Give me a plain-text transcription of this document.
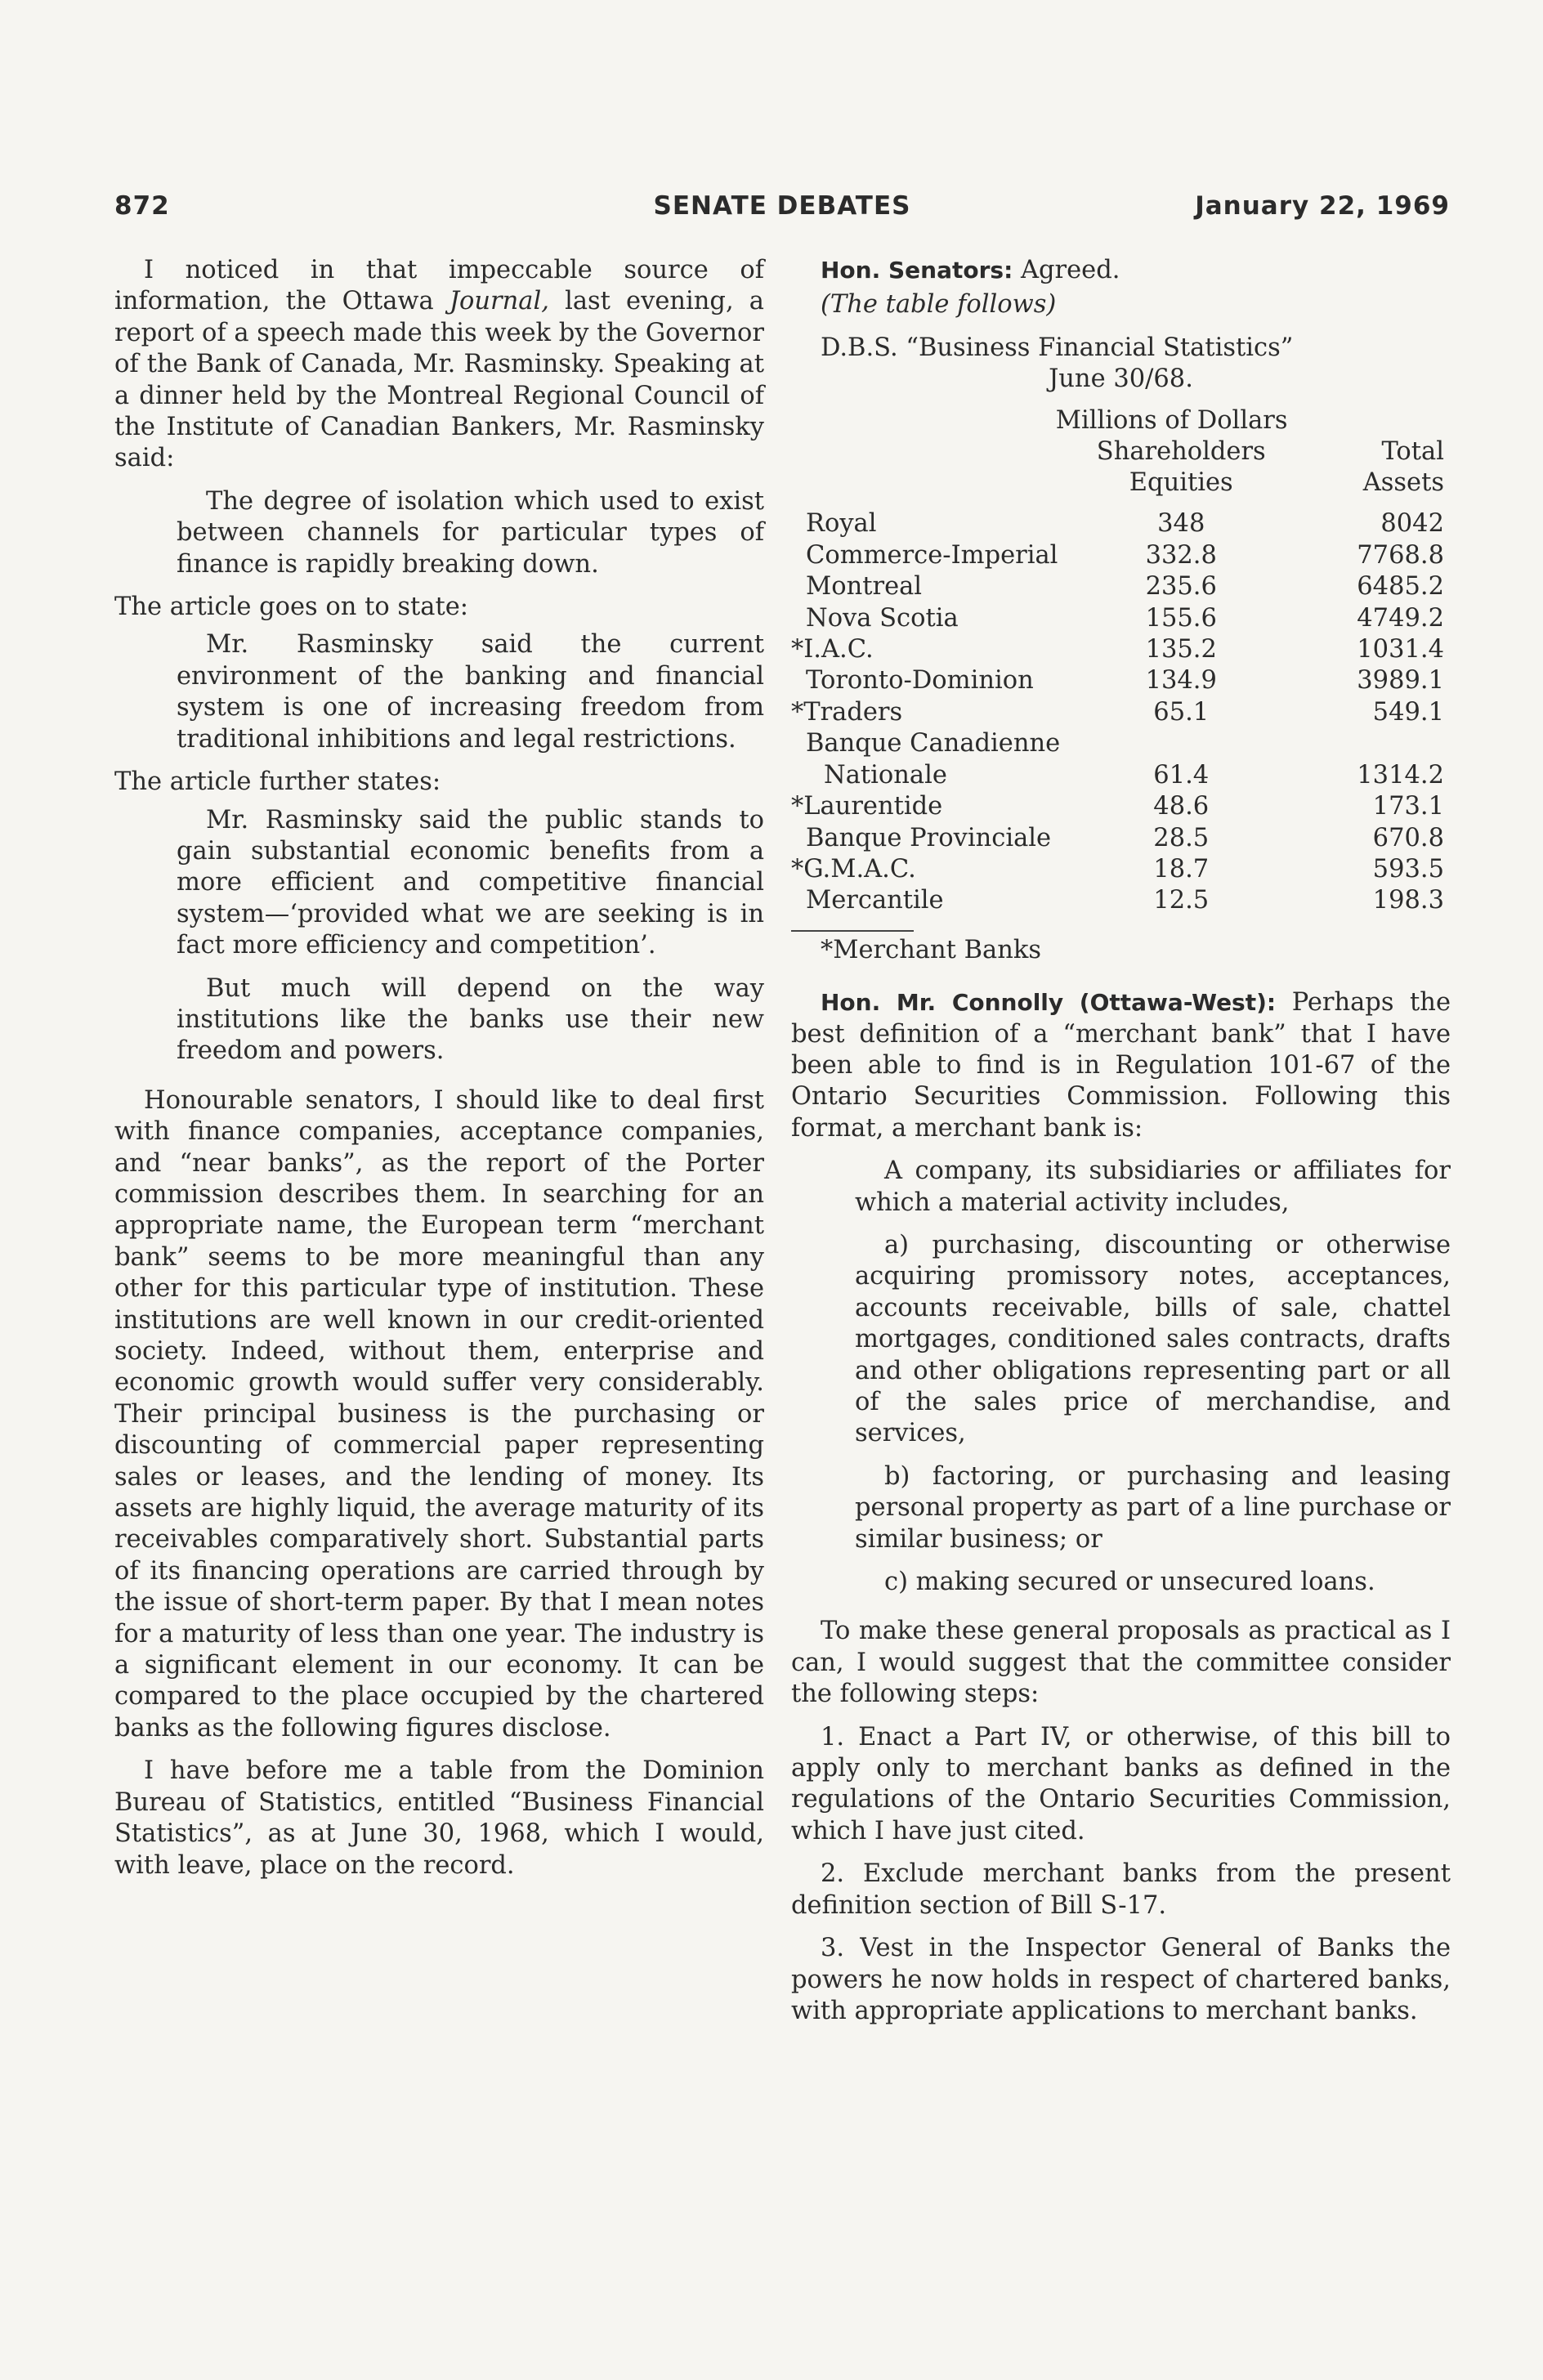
872	SENATE DEBATES	January 22, 1969

I noticed in that impeccable source of information, the Ottawa Journal, last evening, a report of a speech made this week by the Governor of the Bank of Canada, Mr. Rasminsky. Speaking at a dinner held by the Montreal Regional Council of the Institute of Canadian Bankers, Mr. Rasminsky said:

The degree of isolation which used to exist between channels for particular types of finance is rapidly breaking down.

The article goes on to state:

Mr. Rasminsky said the current environment of the banking and financial system is one of increasing freedom from traditional inhibitions and legal restrictions.

The article further states:

Mr. Rasminsky said the public stands to gain substantial economic benefits from a more efficient and competitive financial system—‘provided what we are seeking is in fact more efficiency and competition’.

But much will depend on the way institutions like the banks use their new freedom and powers.

Honourable senators, I should like to deal first with finance companies, acceptance companies, and “near banks”, as the report of the Porter commission describes them. In searching for an appropriate name, the European term “merchant bank” seems to be more meaningful than any other for this particular type of institution. These institutions are well known in our credit-oriented society. Indeed, without them, enterprise and economic growth would suffer very considerably. Their principal business is the purchasing or discounting of commercial paper representing sales or leases, and the lending of money. Its assets are highly liquid, the average maturity of its receivables comparatively short. Substantial parts of its financing operations are carried through by the issue of short-term paper. By that I mean notes for a maturity of less than one year. The industry is a significant element in our economy. It can be compared to the place occupied by the chartered banks as the following figures disclose.

I have before me a table from the Dominion Bureau of Statistics, entitled “Business Financial Statistics”, as at June 30, 1968, which I would, with leave, place on the record.

Hon. Senators: Agreed.

(The table follows)

D.B.S. “Business Financial Statistics”

June 30/68.

	Millions of Dollars	
	Shareholders	Total
	Equities	Assets
Royal	348	8042
Commerce-Imperial	332.8	7768.8
Montreal	235.6	6485.2
Nova Scotia	155.6	4749.2
*I.A.C.	135.2	1031.4
Toronto-Dominion	134.9	3989.1
*Traders	65.1	549.1
Banque Canadienne		
Nationale	61.4	1314.2
*Laurentide	48.6	173.1
Banque Provinciale	28.5	670.8
*G.M.A.C.	18.7	593.5
Mercantile	12.5	198.3

*Merchant Banks

Hon. Mr. Connolly (Ottawa-West): Perhaps the best definition of a “merchant bank” that I have been able to find is in Regulation 101-67 of the Ontario Securities Commission. Following this format, a merchant bank is:

A company, its subsidiaries or affiliates for which a material activity includes,

a) purchasing, discounting or otherwise acquiring promissory notes, acceptances, accounts receivable, bills of sale, chattel mortgages, conditioned sales contracts, drafts and other obligations representing part or all of the sales price of merchandise, and services,

b) factoring, or purchasing and leasing personal property as part of a line purchase or similar business; or

c) making secured or unsecured loans.

To make these general proposals as practical as I can, I would suggest that the committee consider the following steps:

1. Enact a Part IV, or otherwise, of this bill to apply only to merchant banks as defined in the regulations of the Ontario Securities Commission, which I have just cited.

2. Exclude merchant banks from the present definition section of Bill S-17.

3. Vest in the Inspector General of Banks the powers he now holds in respect of chartered banks, with appropriate applications to merchant banks.
